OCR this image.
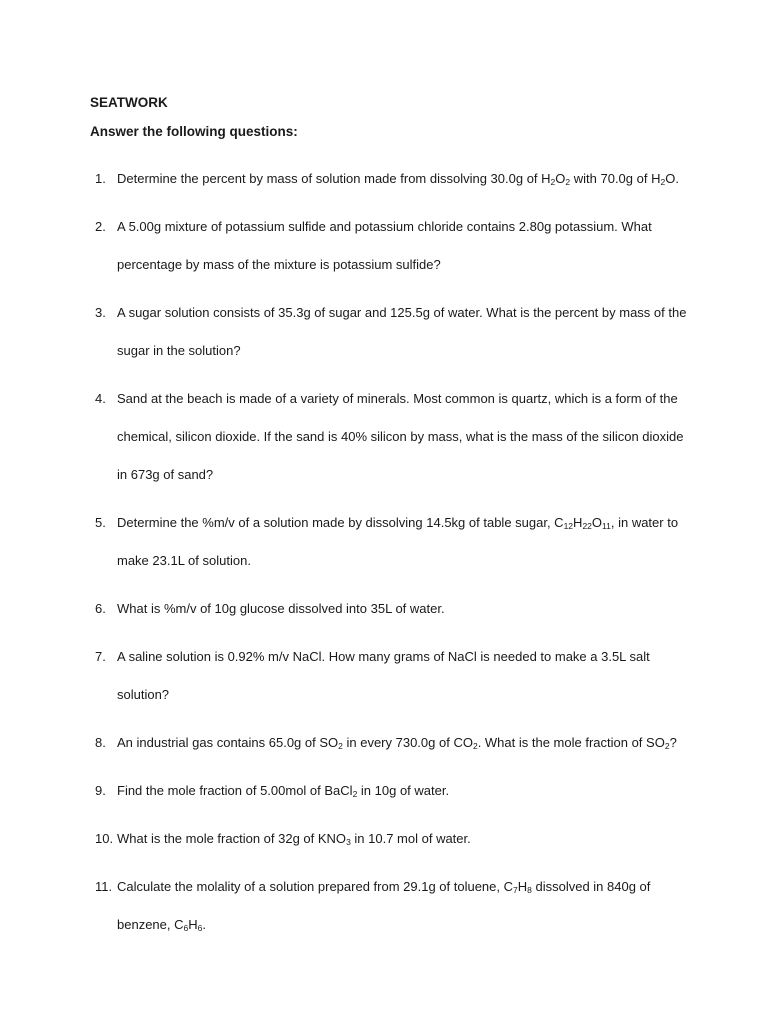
SEATWORK
Answer the following questions:
1. Determine the percent by mass of solution made from dissolving 30.0g of $H_2O_2$ with 70.0g of $H_2O$.
2. A 5.00g mixture of potassium sulfide and potassium chloride contains 2.80g potassium. What percentage by mass of the mixture is potassium sulfide?
3. A sugar solution consists of 35.3g of sugar and 125.5g of water. What is the percent by mass of the sugar in the solution?
4. Sand at the beach is made of a variety of minerals. Most common is quartz, which is a form of the chemical, silicon dioxide. If the sand is 40% silicon by mass, what is the mass of the silicon dioxide in 673g of sand?
5. Determine the %m/v of a solution made by dissolving 14.5kg of table sugar, $C_{12}H_{22}O_{11}$, in water to make 23.1L of solution.
6. What is %m/v of 10g glucose dissolved into 35L of water.
7. A saline solution is 0.92% m/v NaCl. How many grams of NaCl is needed to make a 3.5L salt solution?
8. An industrial gas contains 65.0g of $SO_2$ in every 730.0g of $CO_2$. What is the mole fraction of $SO_2$?
9. Find the mole fraction of 5.00mol of BaCl$_2$ in 10g of water.
10. What is the mole fraction of 32g of $KNO_3$ in 10.7 mol of water.
11. Calculate the molality of a solution prepared from 29.1g of toluene, $C_7H_8$ dissolved in 840g of benzene, $C_6H_6$.
